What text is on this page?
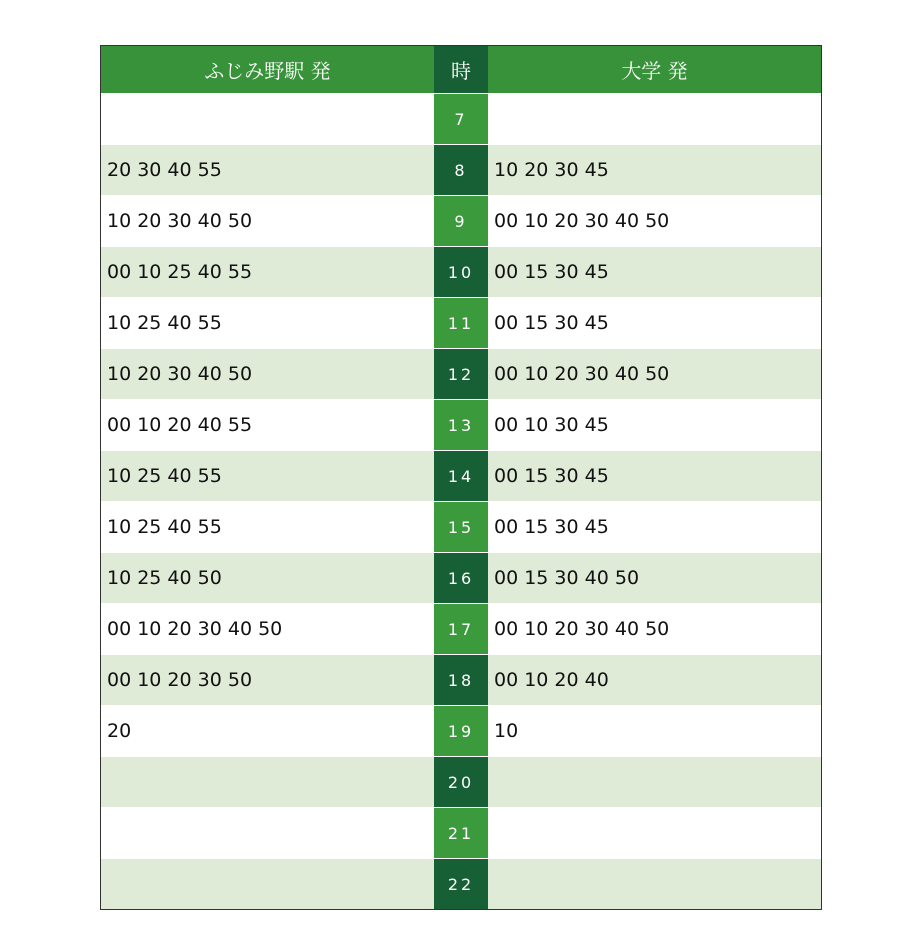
ふじみ野駅 発	時	大学 発
	7	
20 30 40 55	8	10 20 30 45
10 20 30 40 50	9	00 10 20 30 40 50
00 10 25 40 55	10	00 15 30 45
10 25 40 55	11	00 15 30 45
10 20 30 40 50	12	00 10 20 30 40 50
00 10 20 40 55	13	00 10 30 45
10 25 40 55	14	00 15 30 45
10 25 40 55	15	00 15 30 45
10 25 40 50	16	00 15 30 40 50
00 10 20 30 40 50	17	00 10 20 30 40 50
00 10 20 30 50	18	00 10 20 40
20	19	10
	20	
	21	
	22	
